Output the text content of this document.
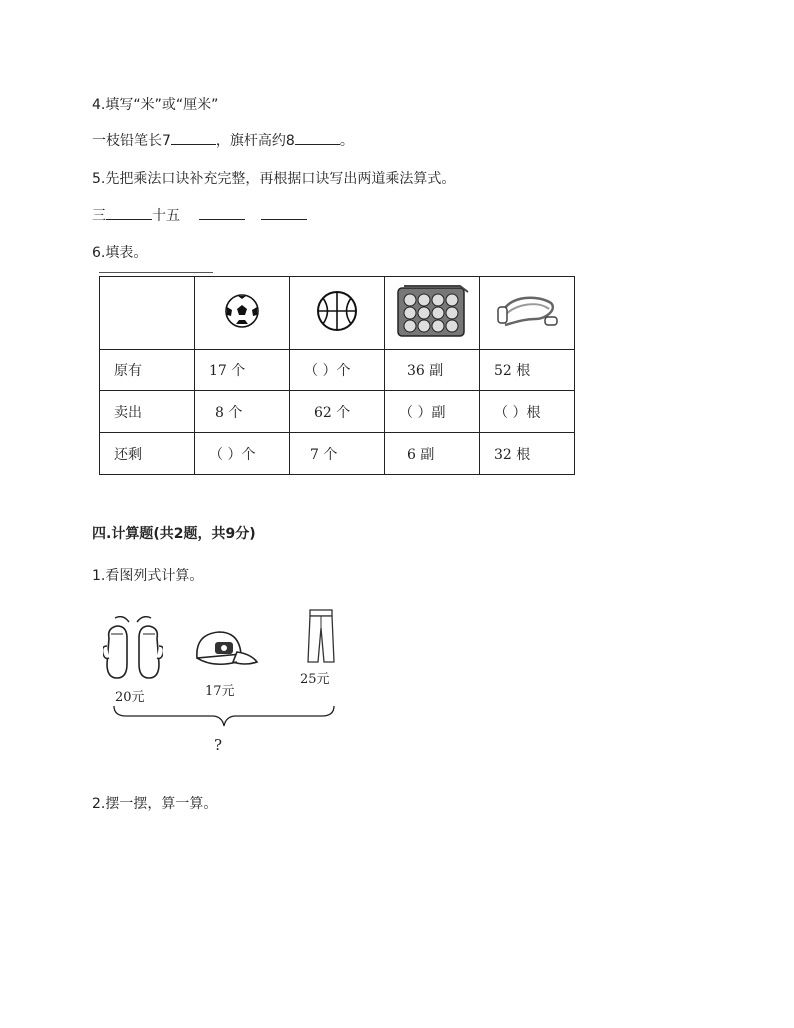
4.填写“米”或“厘米”
一枝铅笔长7	，旗杆高约8	。
5.先把乘法口诀补充完整，再根据口诀写出两道乘法算式。
三	十五
6.填表。

原有	17 个	（ ）个	36 副	52 根
卖出	8 个	62 个	（ ）副	（ ）根
还剩	（ ）个	7 个	6 副	32 根
四.计算题(共2题，共9分)
1.看图列式计算。
20元	17元
25元
?
2.摆一摆，算一算。
